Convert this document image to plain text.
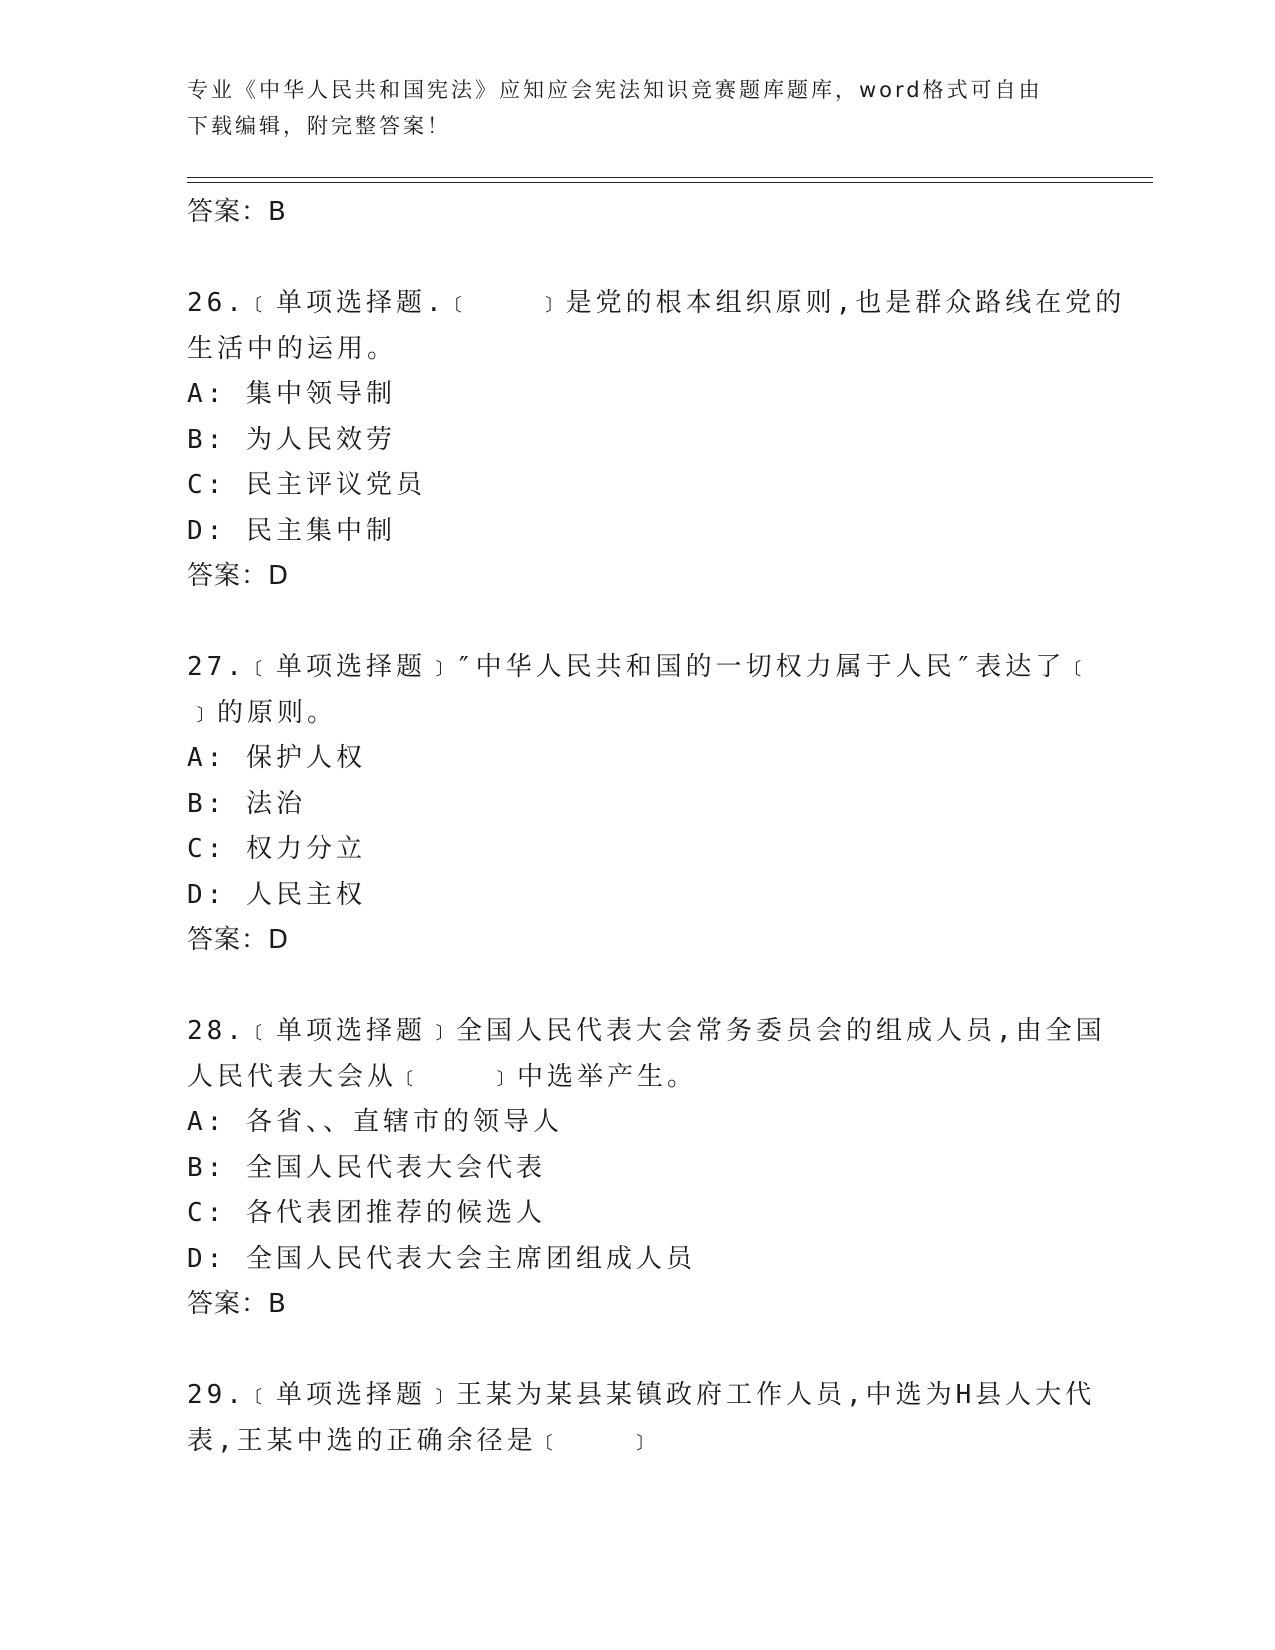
专业《中华人民共和国宪法》应知应会宪法知识竞赛题库题库，word格式可自由
下载编辑，附完整答案！
答案：B
26.﹝单项选择题.﹝　　﹞是党的根本组织原则,也是群众路线在党的
生活中的运用。
A: 集中领导制
B: 为人民效劳
C: 民主评议党员
D: 民主集中制
答案：D
27.﹝单项选择题﹞″中华人民共和国的一切权力属于人民″表达了﹝
﹞的原则。
A: 保护人权
B: 法治
C: 权力分立
D: 人民主权
答案：D
28.﹝单项选择题﹞全国人民代表大会常务委员会的组成人员,由全国
人民代表大会从﹝　　﹞中选举产生。
A: 各省、、直辖市的领导人
B: 全国人民代表大会代表
C: 各代表团推荐的候选人
D: 全国人民代表大会主席团组成人员
答案：B
29.﹝单项选择题﹞王某为某县某镇政府工作人员,中选为H县人大代
表,王某中选的正确余径是﹝　　﹞
